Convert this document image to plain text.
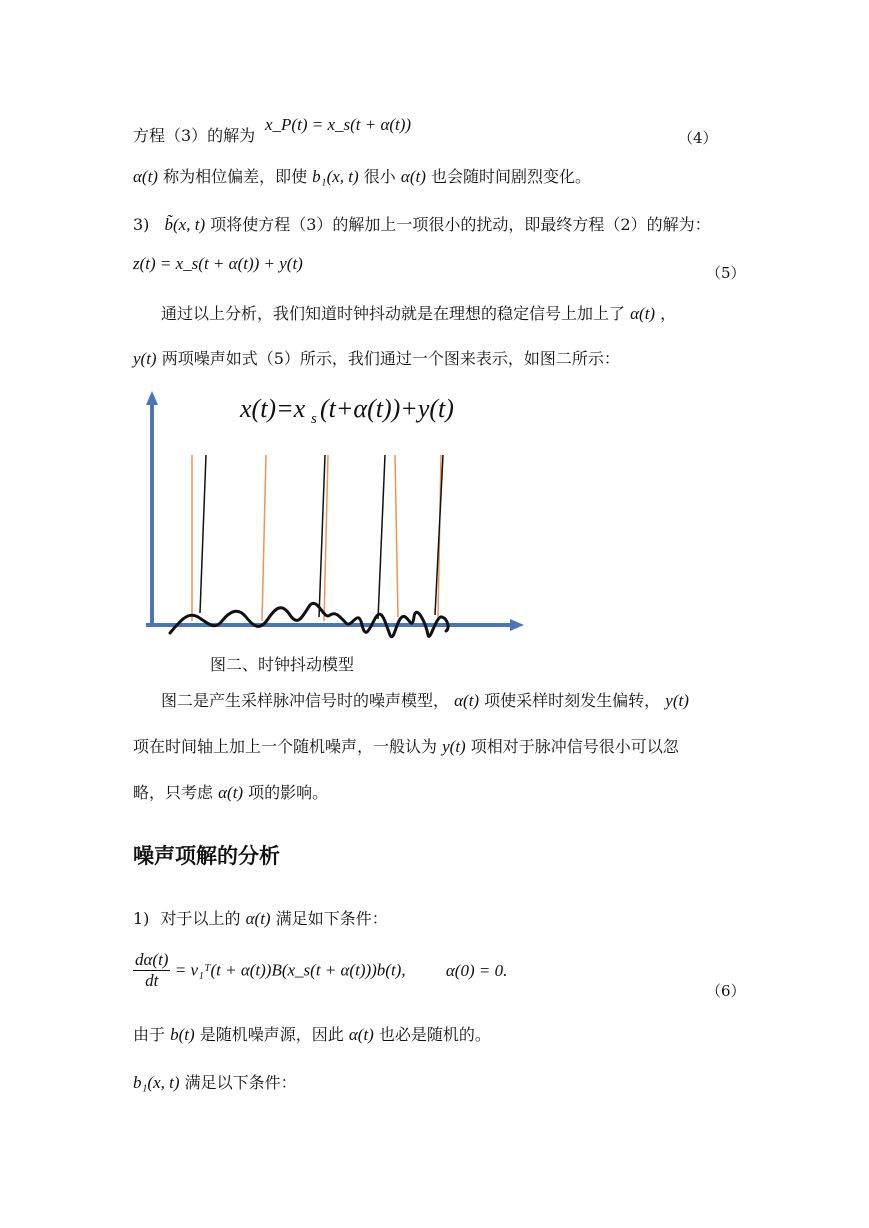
方程（3）的解为
x_P(t) = x_s(t + α(t))
（4）
α(t) 称为相位偏差，即使 b₁(x, t) 很小 α(t) 也会随时间剧烈变化。
3) b̃(x, t) 项将使方程（3）的解加上一项很小的扰动，即最终方程（2）的解为：
z(t) = x_s(t + α(t)) + y(t)	（5）
通过以上分析，我们知道时钟抖动就是在理想的稳定信号上加上了 α(t) ，
y(t) 两项噪声如式（5）所示，我们通过一个图来表示，如图二所示：
x(t)=x s (t+α(t))+y(t)
图二、时钟抖动模型
图二是产生采样脉冲信号时的噪声模型， α(t) 项使采样时刻发生偏转， y(t)
项在时间轴上加上一个随机噪声，一般认为 y(t) 项相对于脉冲信号很小可以忽
略，只考虑 α(t) 项的影响。
噪声项解的分析
1) 对于以上的 α(t) 满足如下条件：
$\frac{d\alpha(t)}{dt}$ = v₁ᵀ(t + α(t))B(x_s(t + α(t)))b(t), α(0) = 0.
（6）
由于 b(t) 是随机噪声源，因此 α(t) 也必是随机的。
b₁(x, t) 满足以下条件：
